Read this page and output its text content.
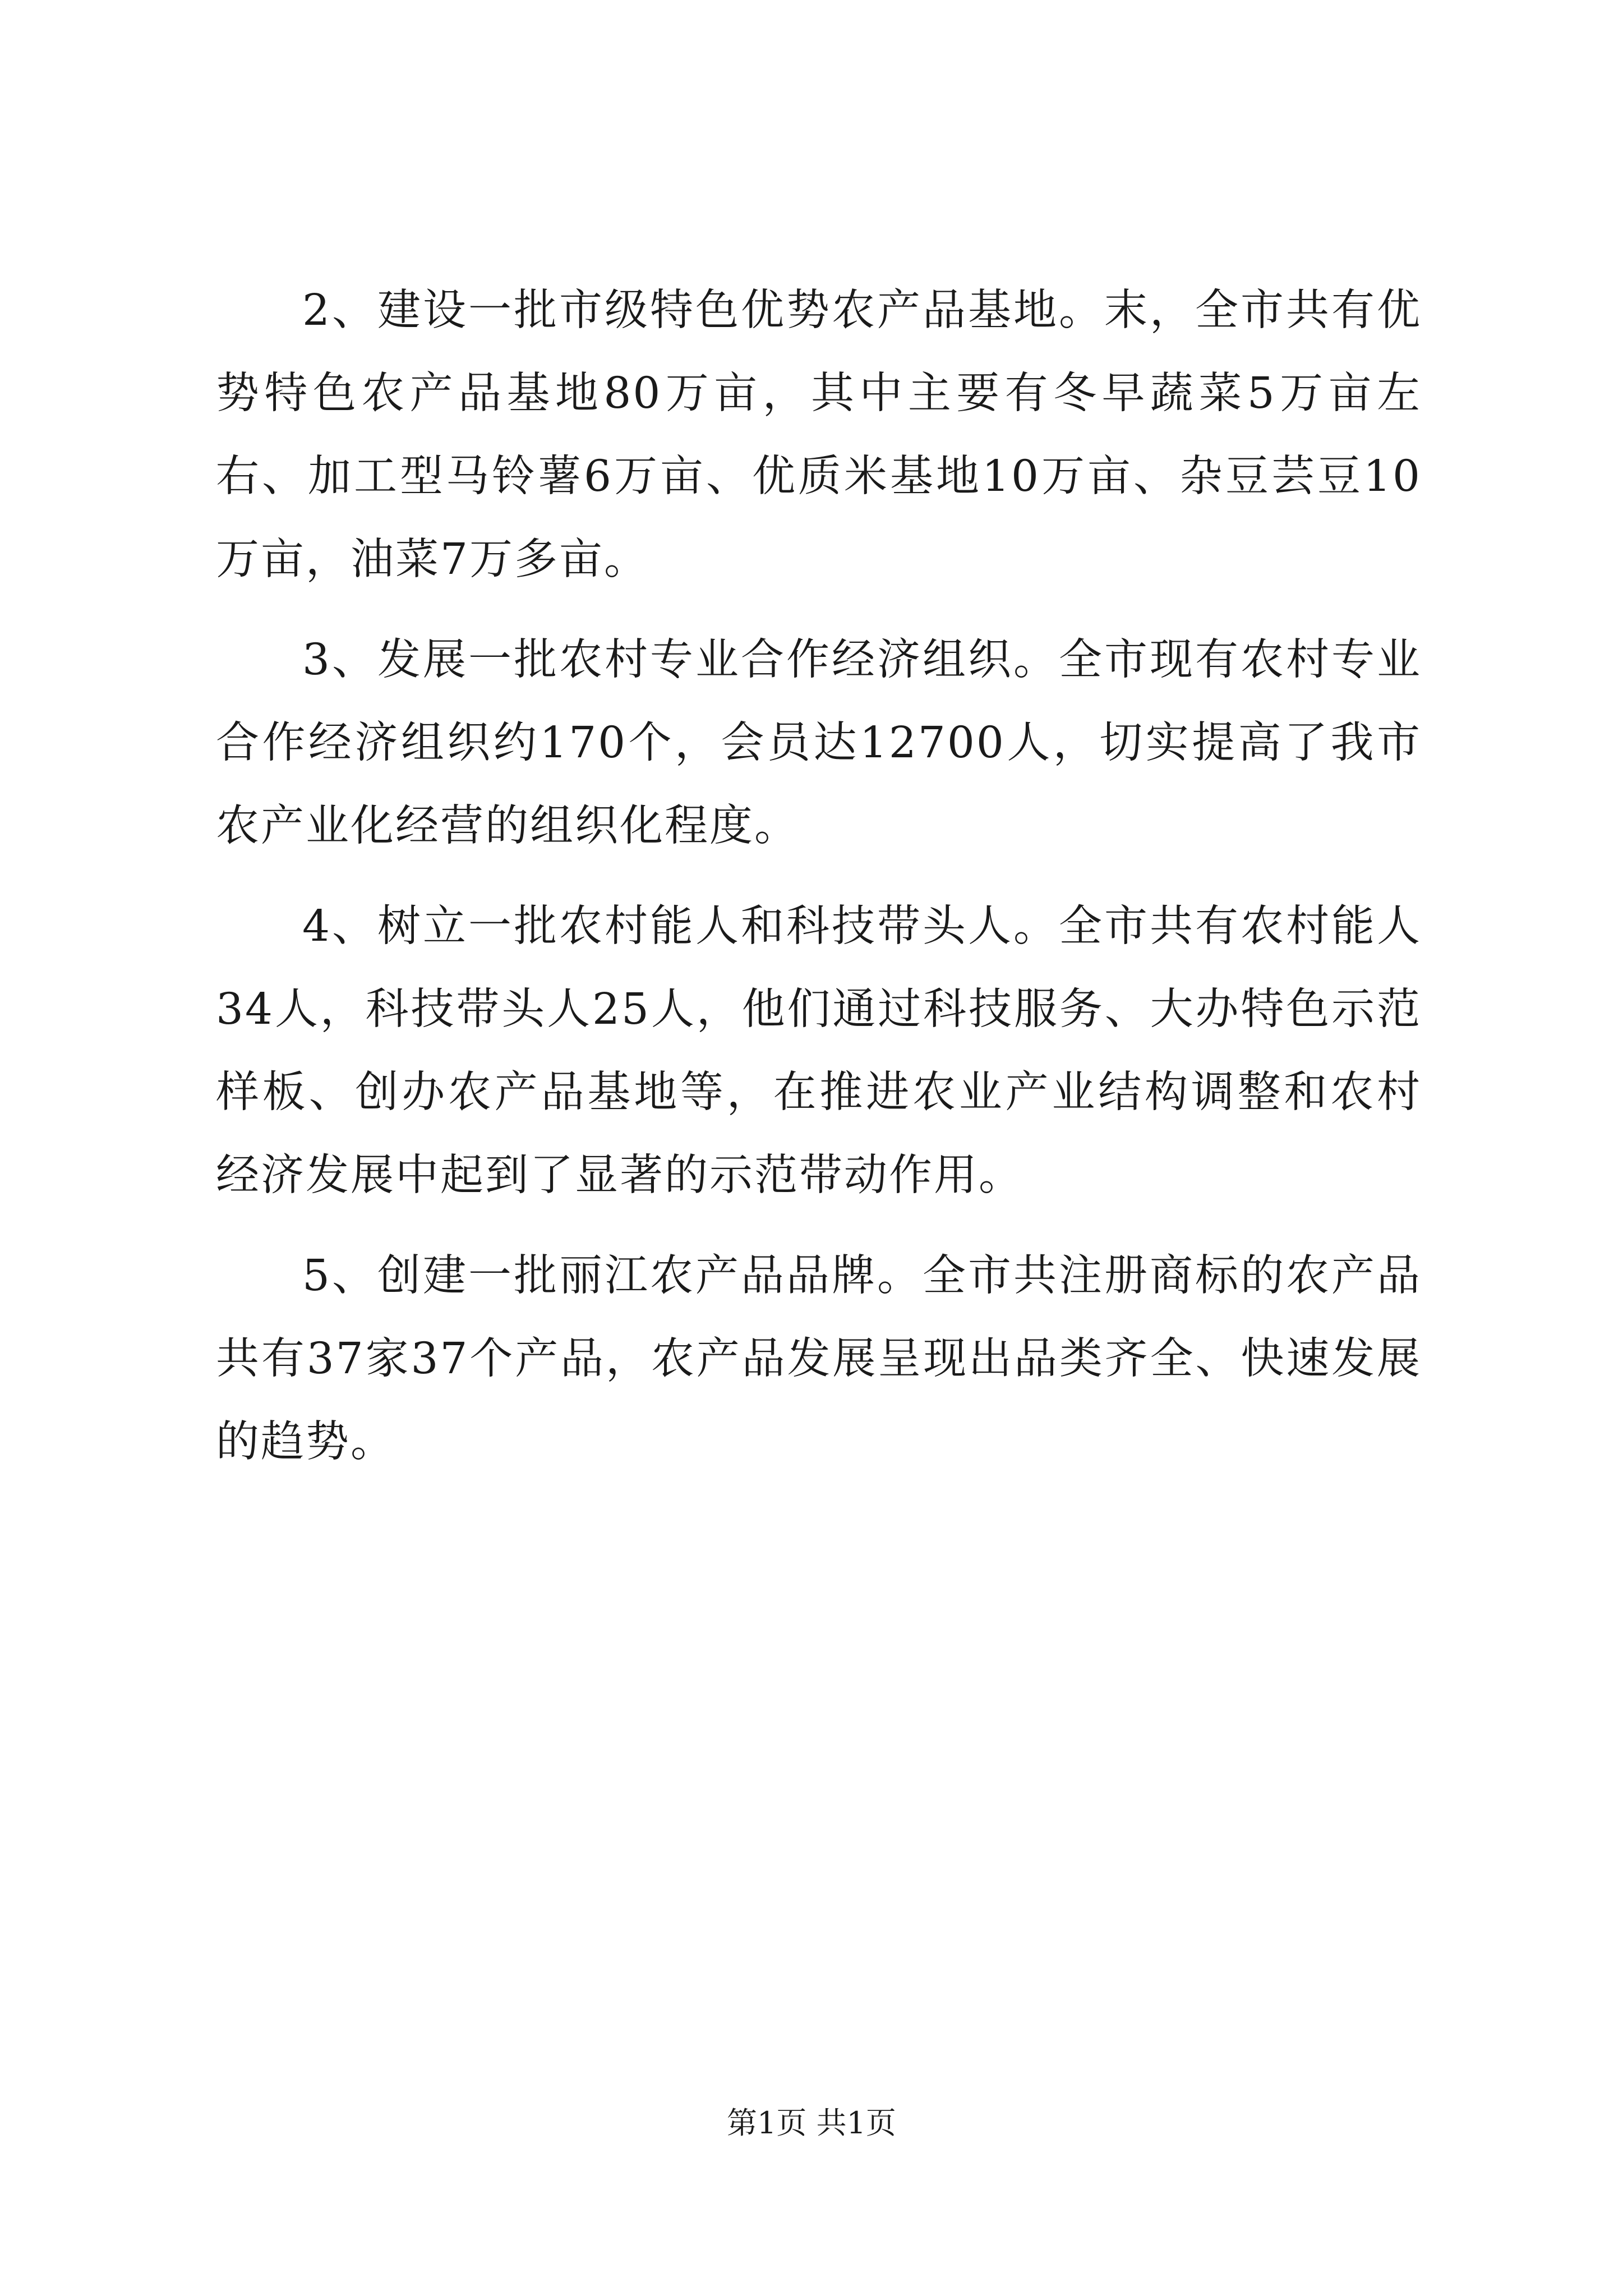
2、建设一批市级特色优势农产品基地。末，全市共有优势特色农产品基地80万亩，其中主要有冬早蔬菜5万亩左右、加工型马铃薯6万亩、优质米基地10万亩、杂豆芸豆10万亩，油菜7万多亩。

3、发展一批农村专业合作经济组织。全市现有农村专业合作经济组织约170个，会员达12700人，切实提高了我市农产业化经营的组织化程度。

4、树立一批农村能人和科技带头人。全市共有农村能人34人，科技带头人25人，他们通过科技服务、大办特色示范样板、创办农产品基地等，在推进农业产业结构调整和农村经济发展中起到了显著的示范带动作用。

5、创建一批丽江农产品品牌。全市共注册商标的农产品共有37家37个产品，农产品发展呈现出品类齐全、快速发展的趋势。

第1页 共1页
